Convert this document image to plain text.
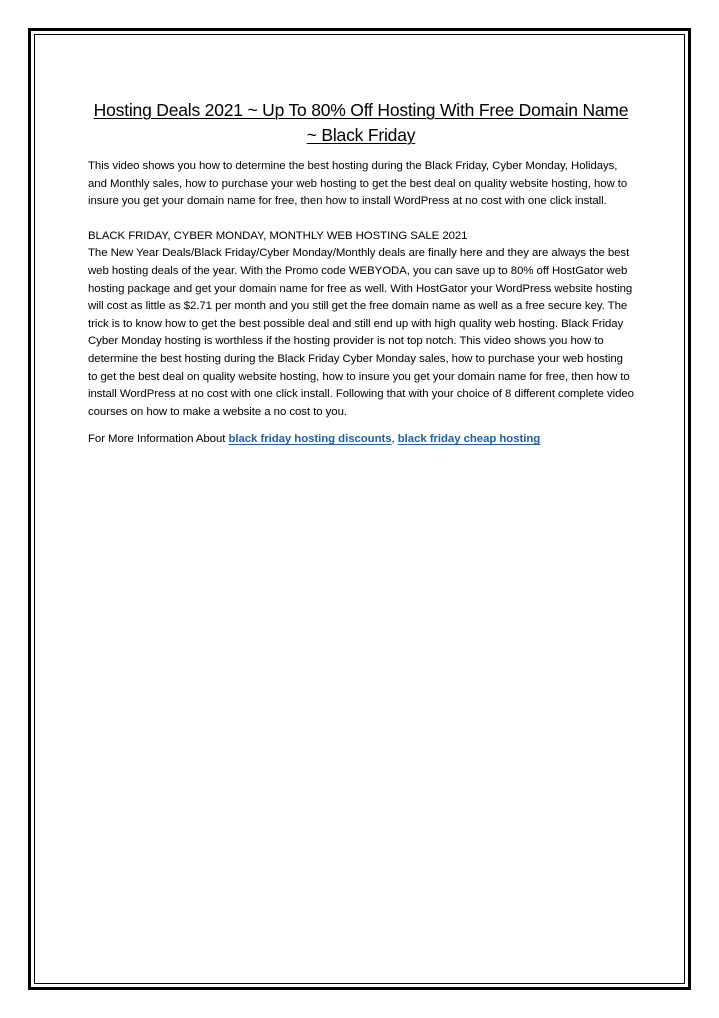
Hosting Deals 2021 ~ Up To 80% Off Hosting With Free Domain Name ~ Black Friday

This video shows you how to determine the best hosting during the Black Friday, Cyber Monday, Holidays, and Monthly sales, how to purchase your web hosting to get the best deal on quality website hosting, how to insure you get your domain name for free, then how to install WordPress at no cost with one click install.

BLACK FRIDAY, CYBER MONDAY, MONTHLY WEB HOSTING SALE 2021

The New Year Deals/Black Friday/Cyber Monday/Monthly deals are finally here and they are always the best web hosting deals of the year. With the Promo code WEBYODA, you can save up to 80% off HostGator web hosting package and get your domain name for free as well. With HostGator your WordPress website hosting will cost as little as $2.71 per month and you still get the free domain name as well as a free secure key. The trick is to know how to get the best possible deal and still end up with high quality web hosting. Black Friday Cyber Monday hosting is worthless if the hosting provider is not top notch. This video shows you how to determine the best hosting during the Black Friday Cyber Monday sales, how to purchase your web hosting to get the best deal on quality website hosting, how to insure you get your domain name for free, then how to install WordPress at no cost with one click install. Following that with your choice of 8 different complete video courses on how to make a website a no cost to you.

For More Information About black friday hosting discounts, black friday cheap hosting
